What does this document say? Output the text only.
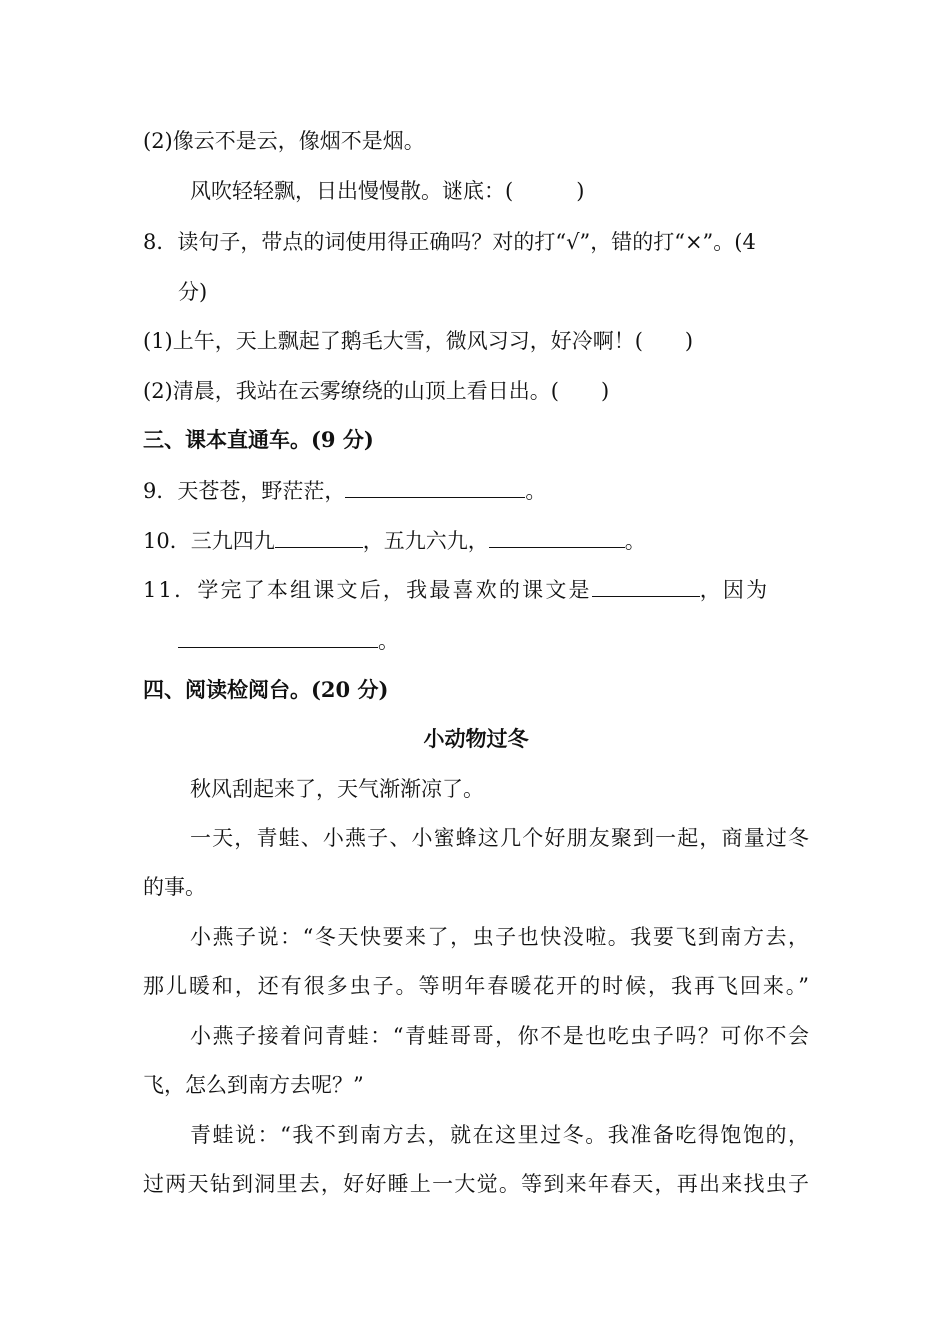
(2)像云不是云，像烟不是烟。
风吹轻轻飘，日出慢慢散。谜底：(　　　)
8．读句子，带点的词使用得正确吗？对的打“√”，错的打“×”。(4
分)
(1)上午，天上飘起了鹅毛大雪，微风习习，好冷啊！(　　)
(2)清晨，我站在云雾缭绕的山顶上看日出。(　　)
三、课本直通车。(9 分)
9．天苍苍，野茫茫，	。
10．三九四九	，五九六九，	。
11．学完了本组课文后，我最喜欢的课文是	，因为
。
四、阅读检阅台。(20 分)
小动物过冬
秋风刮起来了，天气渐渐凉了。
一天，青蛙、小燕子、小蜜蜂这几个好朋友聚到一起，商量过冬
的事。
小燕子说：“冬天快要来了，虫子也快没啦。我要飞到南方去，
那儿暖和，还有很多虫子。等明年春暖花开的时候，我再飞回来。”
小燕子接着问青蛙：“青蛙哥哥，你不是也吃虫子吗？可你不会
飞，怎么到南方去呢？”
青蛙说：“我不到南方去，就在这里过冬。我准备吃得饱饱的，
过两天钻到洞里去，好好睡上一大觉。等到来年春天，再出来找虫子
